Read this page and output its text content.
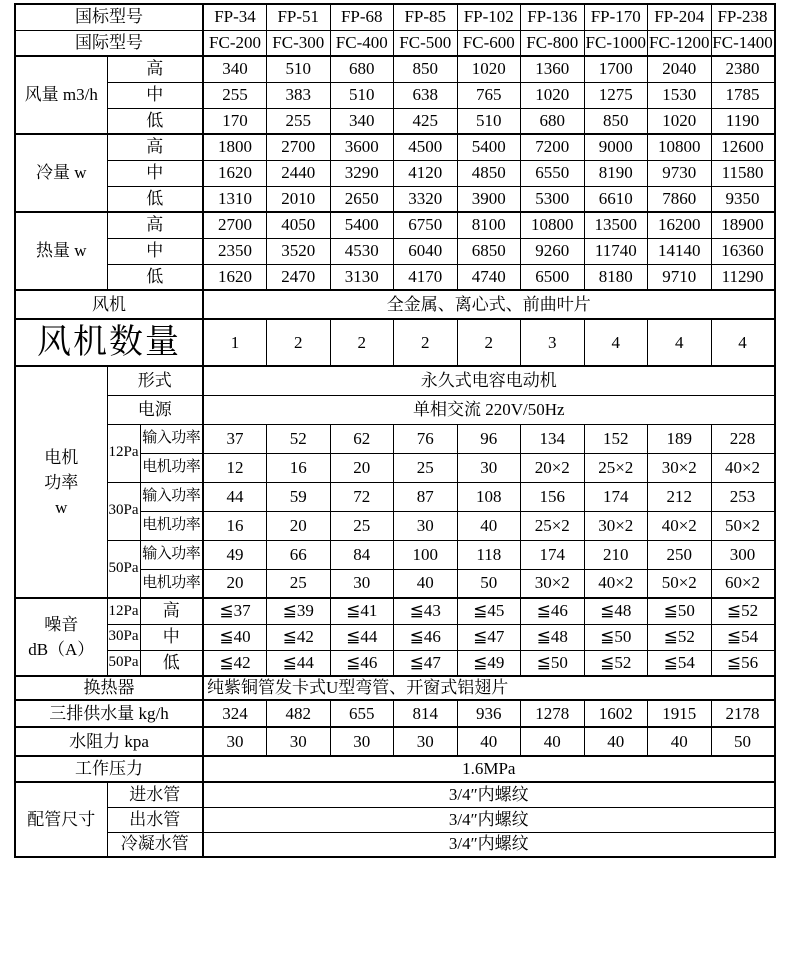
国标型号			FP-34	FP-51	FP-68	FP-85	FP-102	FP-136	FP-170	FP-204	FP-238
国际型号			FC-200	FC-300	FC-400	FC-500	FC-600	FC-800	FC-1000	FC-1200	FC-1400
风量 m3/h	高		340	510	680	850	1020	1360	1700	2040	2380
	中		255	383	510	638	765	1020	1275	1530	1785
	低		170	255	340	425	510	680	850	1020	1190
冷量 w	高		1800	2700	3600	4500	5400	7200	9000	10800	12600
	中		1620	2440	3290	4120	4850	6550	8190	9730	11580
	低		1310	2010	2650	3320	3900	5300	6610	7860	9350
热量 w	高		2700	4050	5400	6750	8100	10800	13500	16200	18900
	中		2350	3520	4530	6040	6850	9260	11740	14140	16360
	低		1620	2470	3130	4170	4740	6500	8180	9710	11290
风机			全金属、离心式、前曲叶片								
风机数量			1	2	2	2	2	3	4	4	4

电机
功率
w	形式		永久式电容电动机								
	电源		单相交流 220V/50Hz								
	12Pa	输入功率	37	52	62	76	96	134	152	189	228
		电机功率	12	16	20	25	30	20×2	25×2	30×2	40×2
	30Pa	输入功率	44	59	72	87	108	156	174	212	253
		电机功率	16	20	25	30	40	25×2	30×2	40×2	50×2
	50Pa	输入功率	49	66	84	100	118	174	210	250	300
		电机功率	20	25	30	40	50	30×2	40×2	50×2	60×2

噪音
dB（A）	12Pa	高	≦37	≦39	≦41	≦43	≦45	≦46	≦48	≦50	≦52
	30Pa	中	≦40	≦42	≦44	≦46	≦47	≦48	≦50	≦52	≦54
	50Pa	低	≦42	≦44	≦46	≦47	≦49	≦50	≦52	≦54	≦56
换热器			纯紫铜管发卡式U型弯管、开窗式铝翅片								
三排供水量 kg/h			324	482	655	814	936	1278	1602	1915	2178
水阻力 kpa			30	30	30	30	40	40	40	40	50
工作压力			1.6MPa								
配管尺寸	进水管		3/4″内螺纹								
	出水管		3/4″内螺纹								
	冷凝水管		3/4″内螺纹								
